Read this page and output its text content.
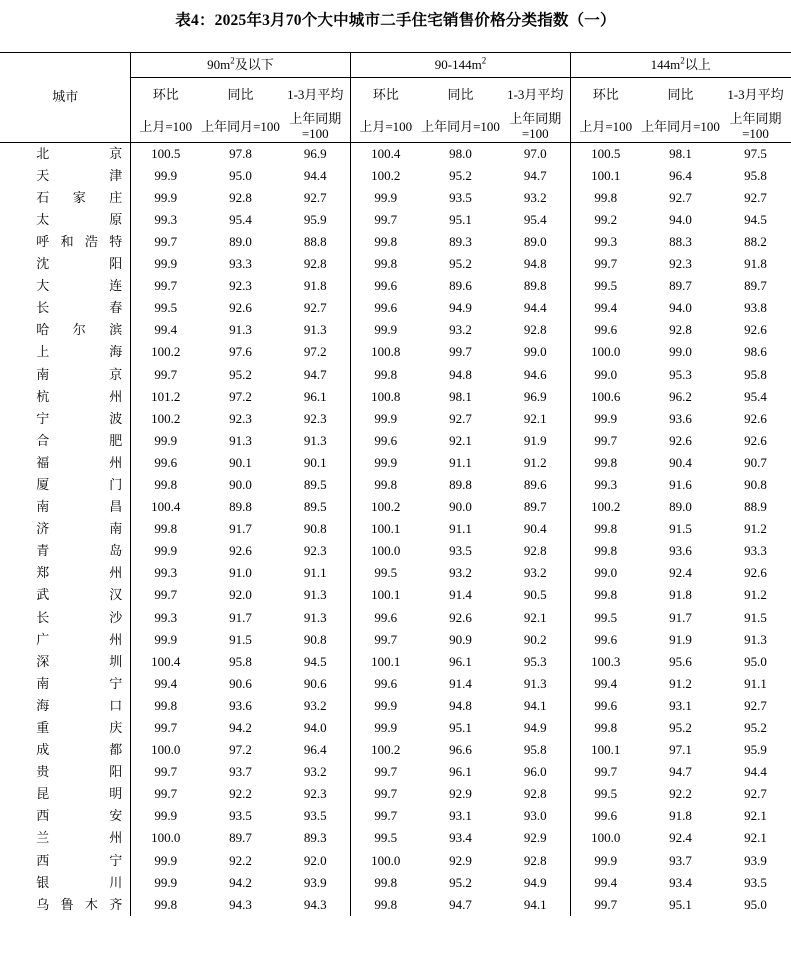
表4：2025年3月70个大中城市二手住宅销售价格分类指数（一）
城市	$90m^2$及以下			$90-144m^2$			$144m^2$以上		
	环比	同比	1-3月平均	环比	同比	1-3月平均	环比	同比	1-3月平均
	上月=100	上年同月=100	上年同期=100	上月=100	上年同月=100	上年同期=100	上月=100	上年同月=100	上年同期=100
北京	100.5	97.8	96.9	100.4	98.0	97.0	100.5	98.1	97.5
天津	99.9	95.0	94.4	100.2	95.2	94.7	100.1	96.4	95.8
石家庄	99.9	92.8	92.7	99.9	93.5	93.2	99.8	92.7	92.7
太原	99.3	95.4	95.9	99.7	95.1	95.4	99.2	94.0	94.5
呼和浩特	99.7	89.0	88.8	99.8	89.3	89.0	99.3	88.3	88.2
沈阳	99.9	93.3	92.8	99.8	95.2	94.8	99.7	92.3	91.8
大连	99.7	92.3	91.8	99.6	89.6	89.8	99.5	89.7	89.7
长春	99.5	92.6	92.7	99.6	94.9	94.4	99.4	94.0	93.8
哈尔滨	99.4	91.3	91.3	99.9	93.2	92.8	99.6	92.8	92.6
上海	100.2	97.6	97.2	100.8	99.7	99.0	100.0	99.0	98.6
南京	99.7	95.2	94.7	99.8	94.8	94.6	99.0	95.3	95.8
杭州	101.2	97.2	96.1	100.8	98.1	96.9	100.6	96.2	95.4
宁波	100.2	92.3	92.3	99.9	92.7	92.1	99.9	93.6	92.6
合肥	99.9	91.3	91.3	99.6	92.1	91.9	99.7	92.6	92.6
福州	99.6	90.1	90.1	99.9	91.1	91.2	99.8	90.4	90.7
厦门	99.8	90.0	89.5	99.8	89.8	89.6	99.3	91.6	90.8
南昌	100.4	89.8	89.5	100.2	90.0	89.7	100.2	89.0	88.9
济南	99.8	91.7	90.8	100.1	91.1	90.4	99.8	91.5	91.2
青岛	99.9	92.6	92.3	100.0	93.5	92.8	99.8	93.6	93.3
郑州	99.3	91.0	91.1	99.5	93.2	93.2	99.0	92.4	92.6
武汉	99.7	92.0	91.3	100.1	91.4	90.5	99.8	91.8	91.2
长沙	99.3	91.7	91.3	99.6	92.6	92.1	99.5	91.7	91.5
广州	99.9	91.5	90.8	99.7	90.9	90.2	99.6	91.9	91.3
深圳	100.4	95.8	94.5	100.1	96.1	95.3	100.3	95.6	95.0
南宁	99.4	90.6	90.6	99.6	91.4	91.3	99.4	91.2	91.1
海口	99.8	93.6	93.2	99.9	94.8	94.1	99.6	93.1	92.7
重庆	99.7	94.2	94.0	99.9	95.1	94.9	99.8	95.2	95.2
成都	100.0	97.2	96.4	100.2	96.6	95.8	100.1	97.1	95.9
贵阳	99.7	93.7	93.2	99.7	96.1	96.0	99.7	94.7	94.4
昆明	99.7	92.2	92.3	99.7	92.9	92.8	99.5	92.2	92.7
西安	99.9	93.5	93.5	99.7	93.1	93.0	99.6	91.8	92.1
兰州	100.0	89.7	89.3	99.5	93.4	92.9	100.0	92.4	92.1
西宁	99.9	92.2	92.0	100.0	92.9	92.8	99.9	93.7	93.9
银川	99.9	94.2	93.9	99.8	95.2	94.9	99.4	93.4	93.5
乌鲁木齐	99.8	94.3	94.3	99.8	94.7	94.1	99.7	95.1	95.0
